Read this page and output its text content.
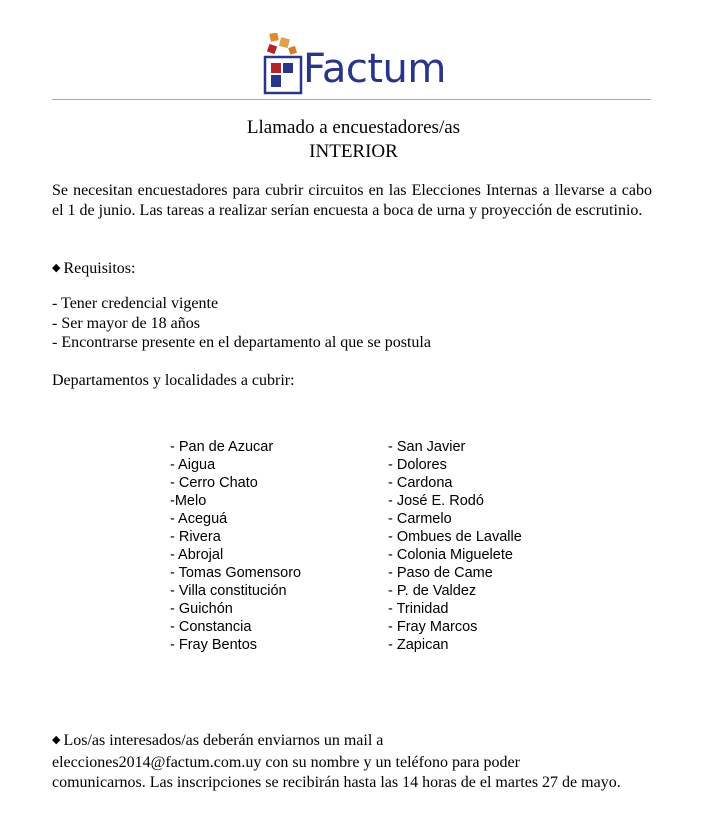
Factum
Llamado a encuestadores/as
INTERIOR
Se necesitan encuestadores para cubrir circuitos en las Elecciones Internas a llevarse a cabo el 1 de junio. Las tareas a realizar serían encuesta a boca de urna y proyección de escrutinio.
◆ Requisitos:
- Tener credencial vigente
- Ser mayor de 18 años
- Encontrarse presente en el departamento al que se postula
Departamentos y localidades a cubrir:
- Pan de Azucar
- Aigua
- Cerro Chato
-Melo
- Aceguá
- Rivera
- Abrojal
- Tomas Gomensoro
- Villa constitución
- Guichón
- Constancia
- Fray Bentos
- San Javier
- Dolores
- Cardona
- José E. Rodó
- Carmelo
- Ombues de Lavalle
- Colonia Miguelete
- Paso de Came
- P. de Valdez
- Trinidad
- Fray Marcos
- Zapican
◆ Los/as interesados/as deberán enviarnos un mail a
elecciones2014@factum.com.uy con su nombre y un teléfono para poder
comunicarnos. Las inscripciones se recibirán hasta las 14 horas de el martes 27 de mayo.
